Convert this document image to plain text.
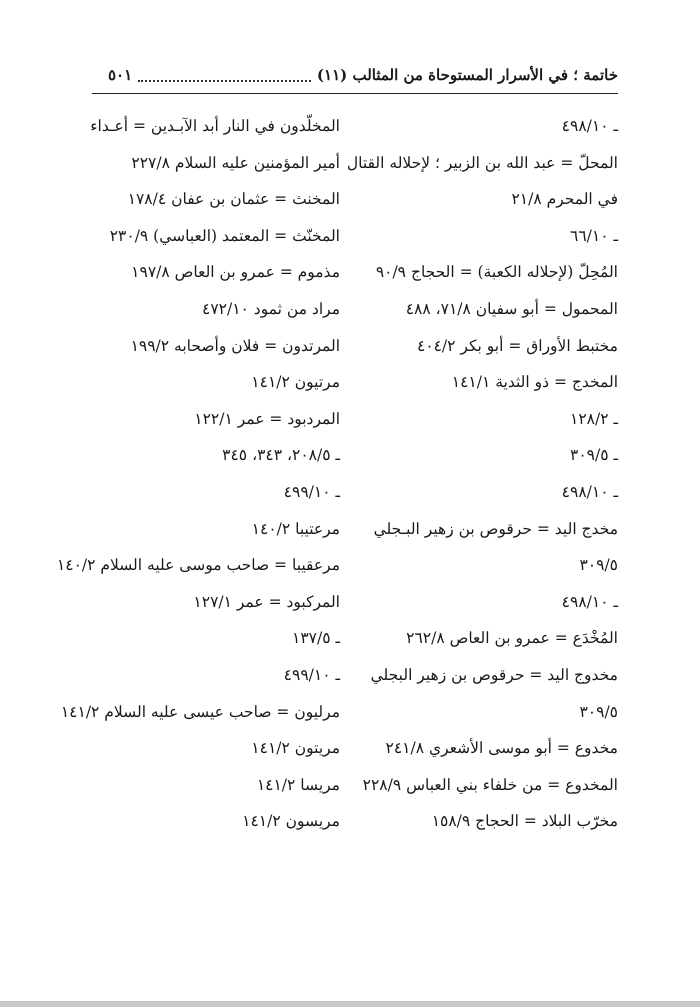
خاتمة ؛ في الأسرار المستوحاة من المثالب (١١)
٥٠١
ـ ٤٩٨/١٠
المحلّ = عبد الله بن الزبير ؛ لإحلاله القتال
في المحرم ٢١/٨
ـ ٦٦/١٠
المُحِلّ (لإحلاله الكعبة) = الحجاج ٩٠/٩
المحمول = أبو سفيان ٧١/٨، ٤٨٨
مختبط الأوراق = أبو بكر ٤٠٤/٢
المخدج = ذو الثدية ١٤١/١
ـ ١٢٨/٢
ـ ٣٠٩/٥
ـ ٤٩٨/١٠
مخدج اليد = حرقوص بن زهير البـجلي
٣٠٩/٥
ـ ٤٩٨/١٠
المُخْدَع = عمرو بن العاص ٢٦٢/٨
مخدوج اليد = حرقوص بن زهير البجلي
٣٠٩/٥
مخدوع = أبو موسى الأشعري ٢٤١/٨
المخدوع = من خلفاء بني العباس ٢٢٨/٩
مخرّب البلاد = الحجاج ١٥٨/٩
المخلّدون في النار أبد الآبـدين = أعـداء
أمير المؤمنين عليه السلام ٢٢٧/٨
المخنث = عثمان بن عفان ١٧٨/٤
المخنّث = المعتمد (العباسي) ٢٣٠/٩
مذموم = عمرو بن العاص ١٩٧/٨
مراد من ثمود ٤٧٢/١٠
المرتدون = فلان وأصحابه ١٩٩/٢
مرتيون ١٤١/٢
المردبود = عمر ١٢٢/١
ـ ٢٠٨/٥، ٣٤٣، ٣٤٥
ـ ٤٩٩/١٠
مرعتيبا ١٤٠/٢
مرعقيبا = صاحب موسى عليه السلام ١٤٠/٢
المركبود = عمر ١٢٧/١
ـ ١٣٧/٥
ـ ٤٩٩/١٠
مرليون = صاحب عيسى عليه السلام ١٤١/٢
مريتون ١٤١/٢
مريسا ١٤١/٢
مريسون ١٤١/٢
